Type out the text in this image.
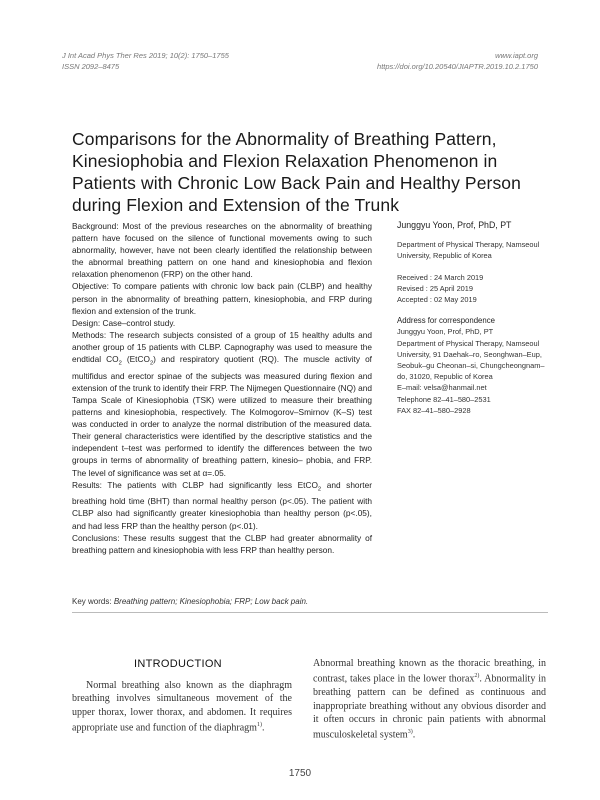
J Int Acad Phys Ther Res 2019; 10(2): 1750–1755
ISSN 2092–8475
www.iapt.org
https://doi.org/10.20540/JIAPTR.2019.10.2.1750
Comparisons for the Abnormality of Breathing Pattern, Kinesiophobia and Flexion Relaxation Phenomenon in Patients with Chronic Low Back Pain and Healthy Person during Flexion and Extension of the Trunk

Background: Most of the previous researches on the abnormality of breathing pattern have focused on the silence of functional movements owing to such abnormality, however, have not been clearly identified the relationship between the abnormal breathing pattern on one hand and kinesiophobia and flexion relaxation phenomenon (FRP) on the other hand.

Objective: To compare patients with chronic low back pain (CLBP) and healthy person in the abnormality of breathing pattern, kinesiophobia, and FRP during flexion and extension of the trunk.

Design: Case–control study.

Methods: The research subjects consisted of a group of 15 healthy adults and another group of 15 patients with CLBP. Capnography was used to measure the endtidal $CO_2$ (EtCO$_2$) and respiratory quotient (RQ). The muscle activity of multifidus and erector spinae of the subjects was measured during flexion and extension of the trunk to identify their FRP. The Nijmegen Questionnaire (NQ) and Tampa Scale of Kinesiophobia (TSK) were utilized to measure their breathing patterns and kinesiophobia, respectively. The Kolmogorov–Smirnov (K–S) test was conducted in order to analyze the normal distribution of the measured data. Their general characteristics were identified by the descriptive statistics and the independent t–test was performed to identify the differences between the two groups in terms of abnormality of breathing pattern, kinesio– phobia, and FRP. The level of significance was set at α=.05.

Results: The patients with CLBP had significantly less EtCO$_2$ and shorter breathing hold time (BHT) than normal healthy person (p<.05). The patient with CLBP also had significantly greater kinesiophobia than healthy person (p<.05), and had less FRP than the healthy person (p<.01).

Conclusions: These results suggest that the CLBP had greater abnormality of breathing pattern and kinesiophobia with less FRP than healthy person.

Junggyu Yoon, Prof, PhD, PT
Department of Physical Therapy, Namseoul University, Republic of Korea
Received : 24 March 2019
Revised : 25 April 2019
Accepted : 02 May 2019
Address for correspondence
Junggyu Yoon, Prof, PhD, PT
Department of Physical Therapy, Namseoul University, 91 Daehak–ro, Seonghwan–Eup, Seobuk–gu Cheonan–si, Chungcheongnam–do, 31020, Republic of Korea
E–mail: velsa@hanmail.net
Telephone 82–41–580–2531
FAX 82–41–580–2928
Key words: Breathing pattern; Kinesiophobia; FRP; Low back pain.
INTRODUCTION

Normal breathing also known as the diaphragm breathing involves simultaneous movement of the upper thorax, lower thorax, and abdomen. It requires appropriate use and function of the diaphragm$^{1)}$.

Abnormal breathing known as the thoracic breathing, in contrast, takes place in the lower thorax$^{2)}$. Abnormality in breathing pattern can be defined as continuous and inappropriate breathing without any obvious disorder and it often occurs in chronic pain patients with abnormal musculoskeletal system$^{3)}$.

1750
